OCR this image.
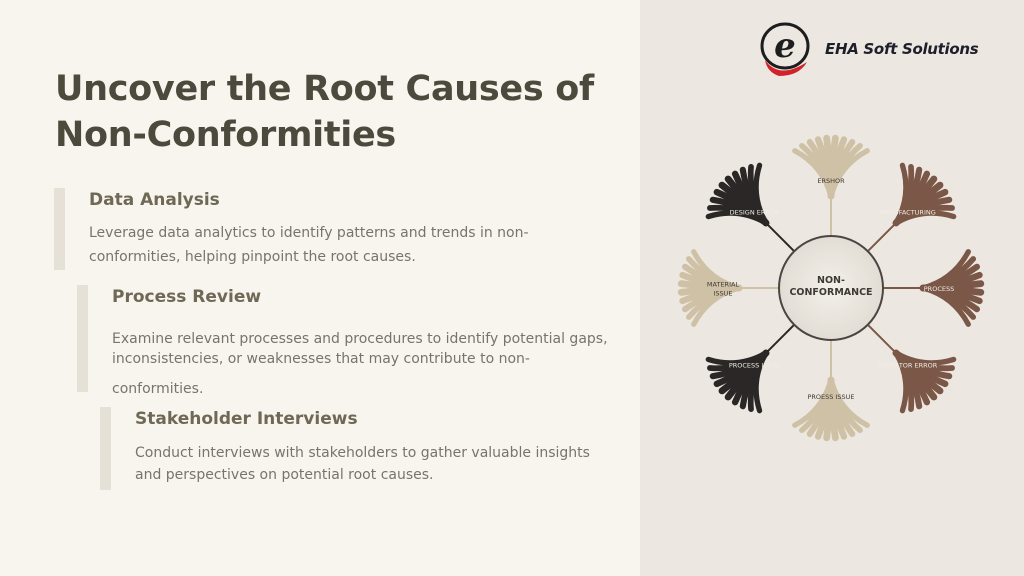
Uncover the Root Causes of
Non-Conformities
Data Analysis
Leverage data analytics to identify patterns and trends in non-
conformities, helping pinpoint the root causes.
Process Review
Examine relevant processes and procedures to identify potential gaps,
inconsistencies, or weaknesses that may contribute to non-
conformities.
Stakeholder Interviews
Conduct interviews with stakeholders to gather valuable insights
and perspectives on potential root causes.
e EHA Soft Solutions
NON-
CONFORMANCE
ERSHOR
MANUFACTURING
PROCESS
OPERATOR ERROR
PROESS ISSUE
PROCESS ISSUE
MATERIAL
ISSUE
DESIGN ERROR
